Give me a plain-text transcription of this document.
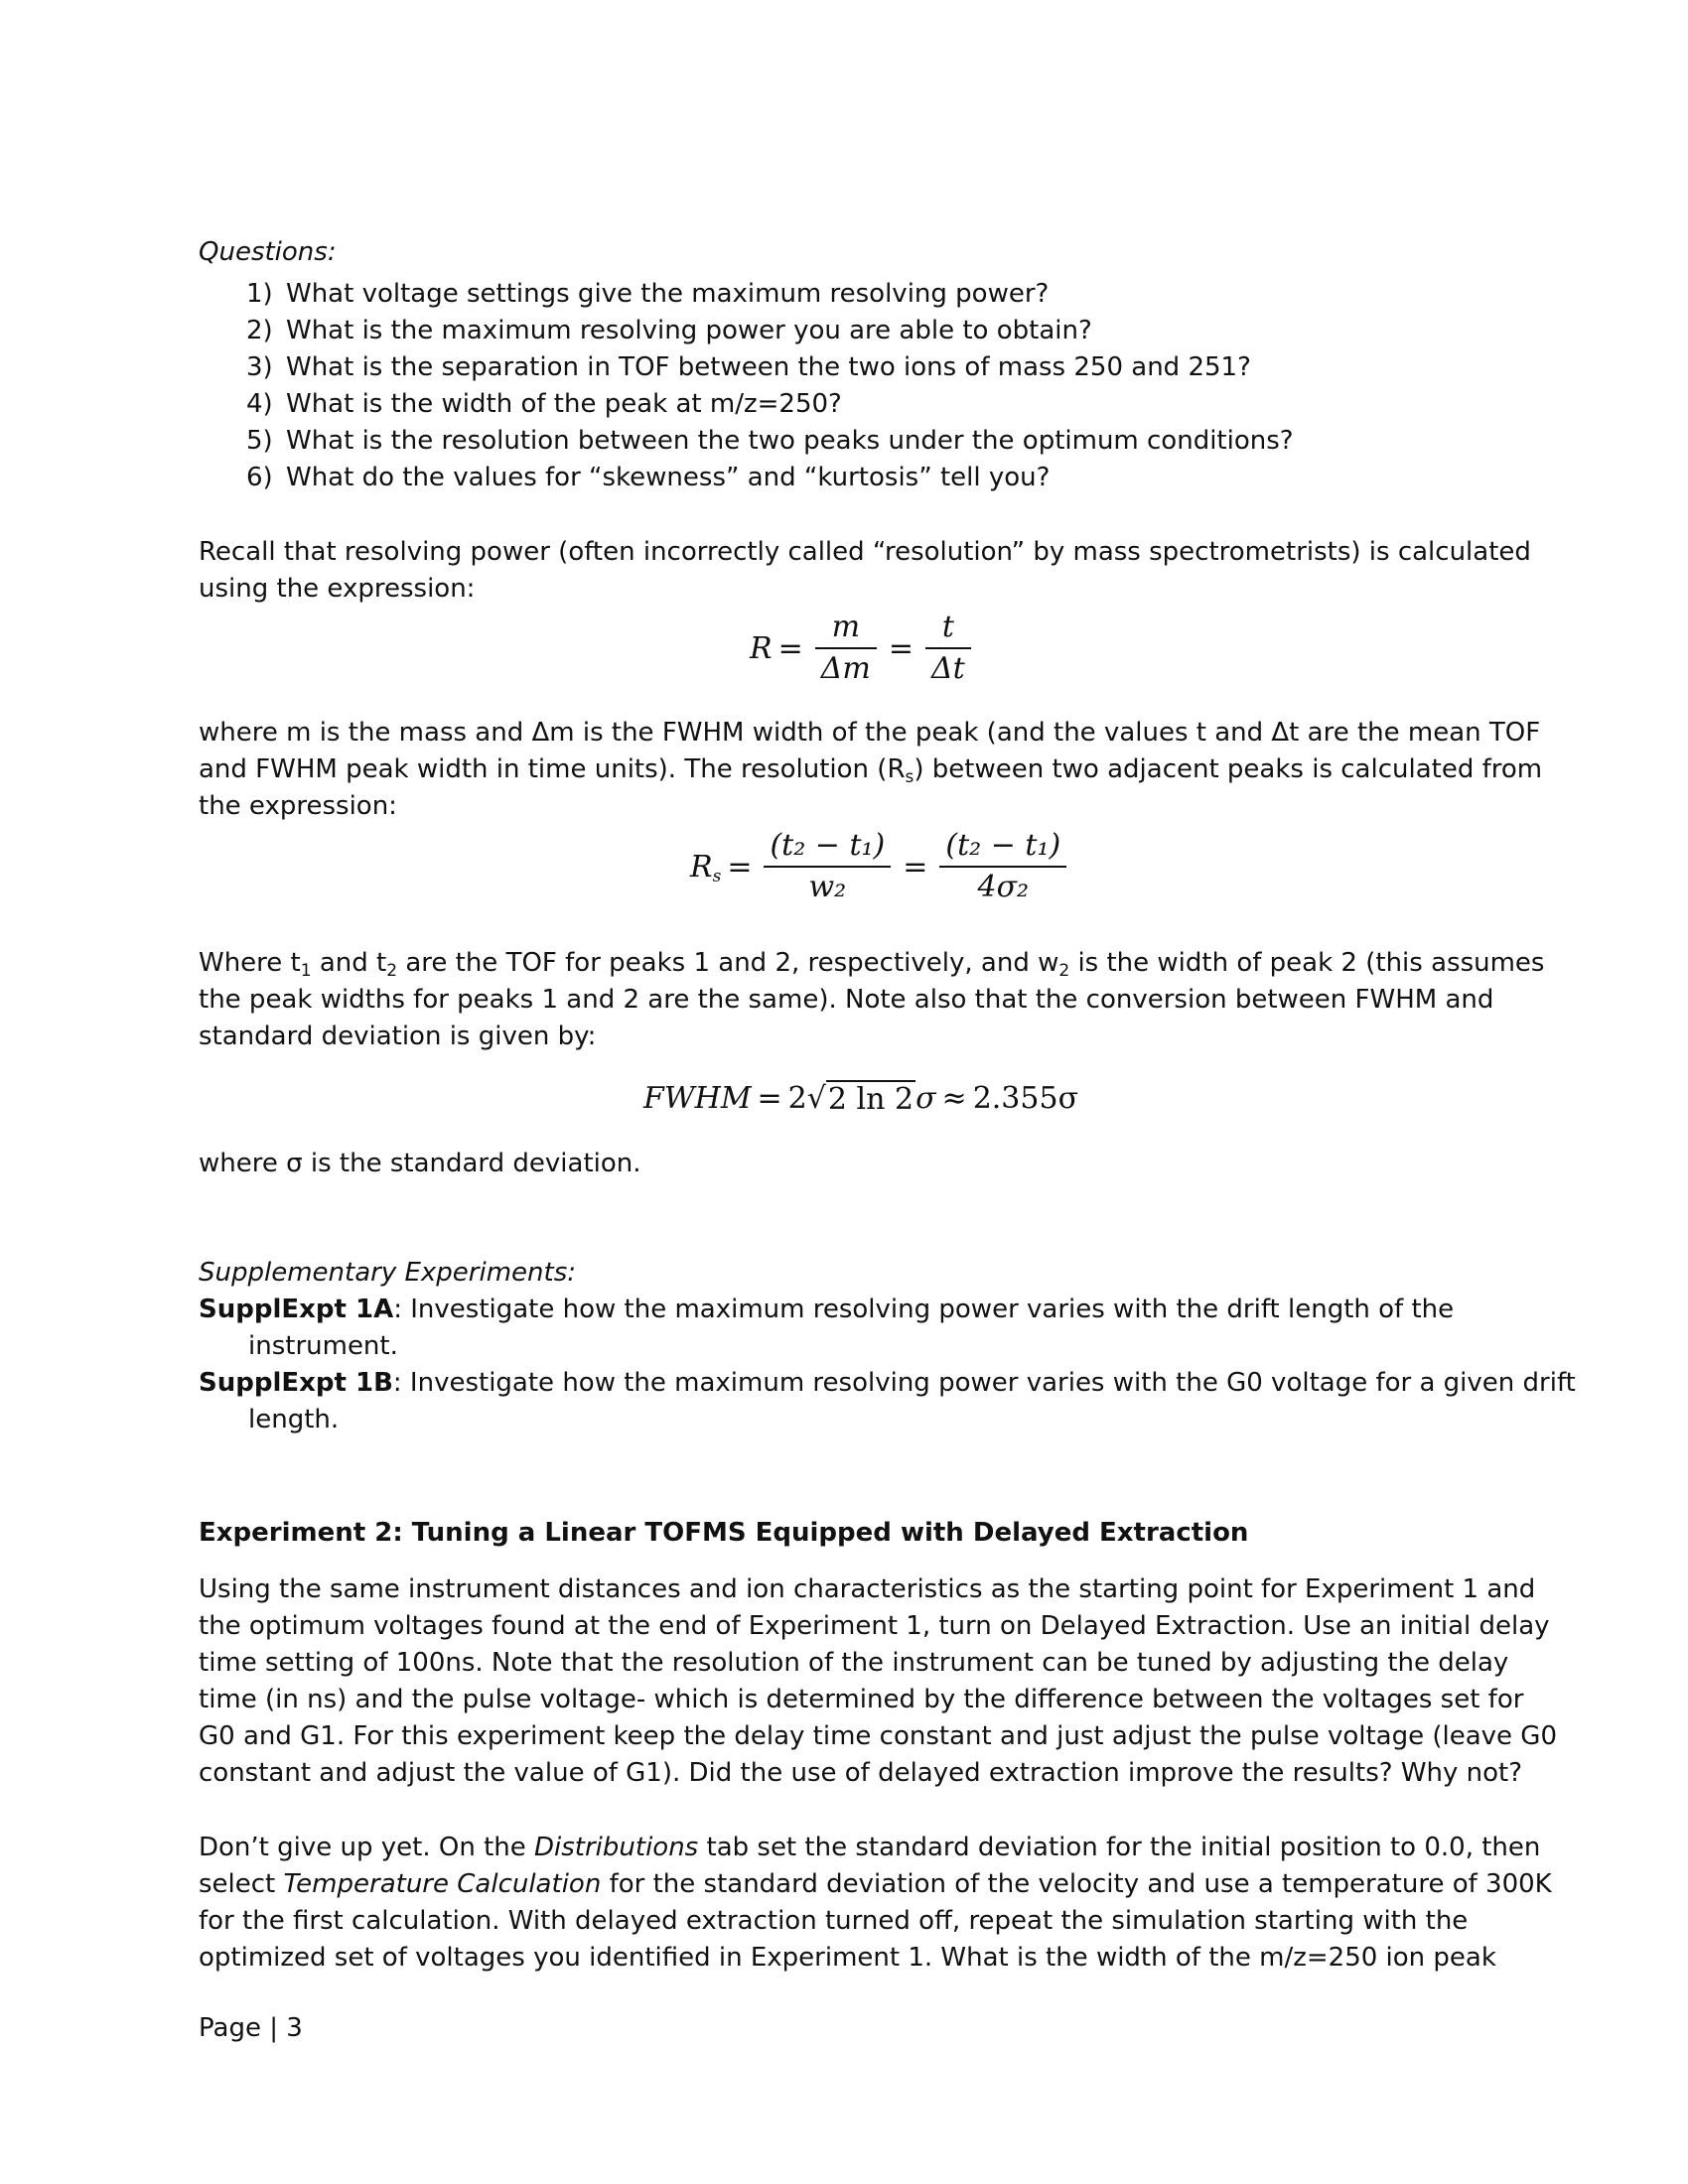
Questions:
1) What voltage settings give the maximum resolving power?
2) What is the maximum resolving power you are able to obtain?
3) What is the separation in TOF between the two ions of mass 250 and 251?
4) What is the width of the peak at m/z=250?
5) What is the resolution between the two peaks under the optimum conditions?
6) What do the values for “skewness” and “kurtosis” tell you?
Recall that resolving power (often incorrectly called “resolution” by mass spectrometrists) is calculated
using the expression:
$R = \frac{m}{\Delta m} = \frac{t}{\Delta t}$
where m is the mass and Δm is the FWHM width of the peak (and the values t and Δt are the mean TOF
and FWHM peak width in time units). The resolution $(R_s)$ between two adjacent peaks is calculated from
the expression:
$R_s = \frac{\text{(t₂ − t₁)}}{\text{w₂}} = \frac{\text{(t₂ − t₁)}}{\text{4σ₂}}$
Where $t_1$ and $t_2$ are the TOF for peaks 1 and 2, respectively, and $w_2$ is the width of peak 2 (this assumes
the peak widths for peaks 1 and 2 are the same). Note also that the conversion between FWHM and
standard deviation is given by:
FWHM = 2 √ 2 ln 2 σ ≈ 2.355σ
where σ is the standard deviation.
Supplementary Experiments:
SupplExpt 1A: Investigate how the maximum resolving power varies with the drift length of the
instrument.
SupplExpt 1B: Investigate how the maximum resolving power varies with the G0 voltage for a given drift
length.
Experiment 2: Tuning a Linear TOFMS Equipped with Delayed Extraction
Using the same instrument distances and ion characteristics as the starting point for Experiment 1 and
the optimum voltages found at the end of Experiment 1, turn on Delayed Extraction. Use an initial delay
time setting of 100ns. Note that the resolution of the instrument can be tuned by adjusting the delay
time (in ns) and the pulse voltage- which is determined by the difference between the voltages set for
G0 and G1. For this experiment keep the delay time constant and just adjust the pulse voltage (leave G0
constant and adjust the value of G1). Did the use of delayed extraction improve the results? Why not?
Don’t give up yet. On the Distributions tab set the standard deviation for the initial position to 0.0, then
select Temperature Calculation for the standard deviation of the velocity and use a temperature of 300K
for the first calculation. With delayed extraction turned off, repeat the simulation starting with the
optimized set of voltages you identified in Experiment 1. What is the width of the m/z=250 ion peak
Page | 3
